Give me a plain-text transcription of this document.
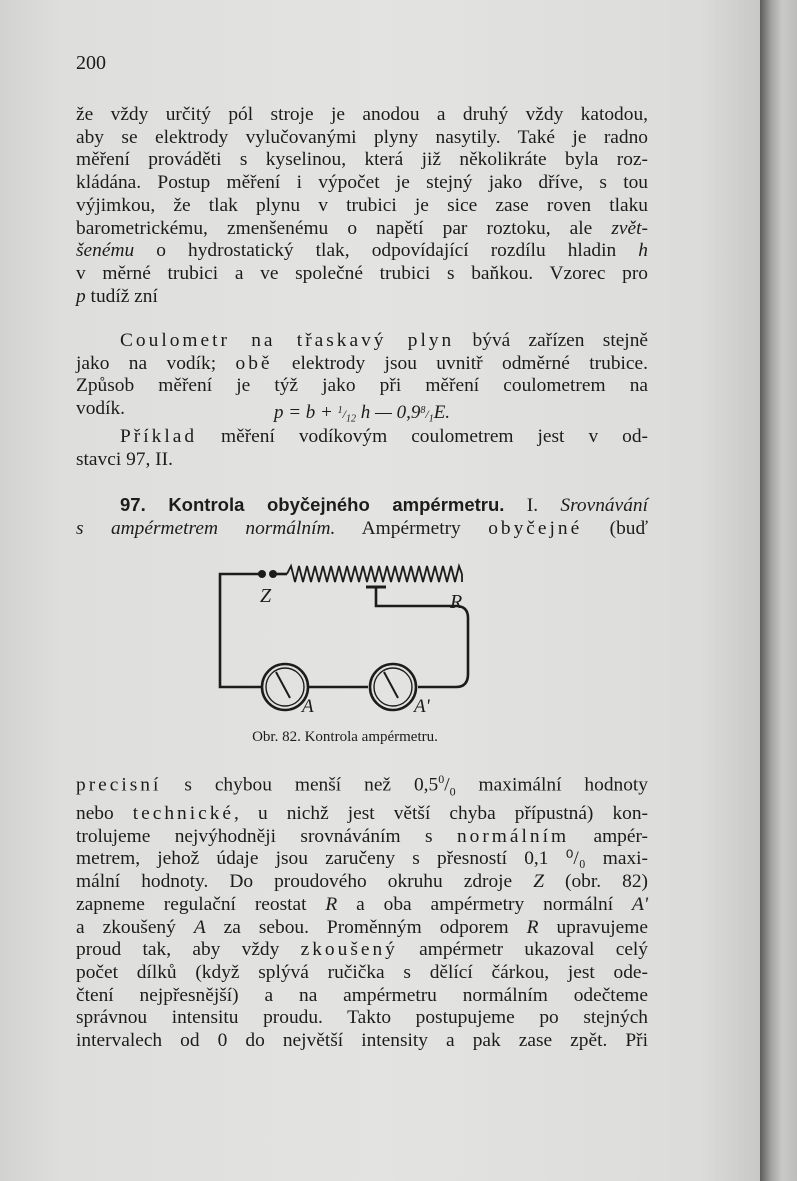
200

že vždy určitý pól stroje je anodou a druhý vždy katodou,

aby se elektrody vylučovanými plyny nasytily. Také je radno

měření prováděti s kyselinou, která již několikráte byla roz-

kládána. Postup měření i výpočet je stejný jako dříve, s tou

výjimkou, že tlak plynu v trubici je sice zase roven tlaku

barometrickému, zmenšenému o napětí par roztoku, ale zvět-

šenému o hydrostatický tlak, odpovídající rozdílu hladin h

v měrné trubici a ve společné trubici s baňkou. Vzorec pro

p tudíž zní

$p = b + ^1/_{12}$ h — $0,9^8/_1E$.

Coulometr na třaskavý plyn bývá zařízen stejně

jako na vodík; obě elektrody jsou uvnitř odměrné trubice.

Způsob měření je týž jako při měření coulometrem na

vodík.

Příklad měření vodíkovým coulometrem jest v od-

stavci 97, II.

97. Kontrola obyčejného ampérmetru. I. Srovnávání

s ampérmetrem normálním. Ampérmetry obyčejné (buď

Z	R
A	A'
Obr. 82. Kontrola ampérmetru.

precisní s chybou menší než $0,5^0/_0$ maximální hodnoty

nebo technické, u nichž jest větší chyba přípustná) kon-

trolujeme nejvýhodněji srovnáváním s normálním ampér-

metrem, jehož údaje jsou zaručeny s přesností 0,1 ⁰/₀ maxi-

mální hodnoty. Do proudového okruhu zdroje Z (obr. 82)

zapneme regulační reostat R a oba ampérmetry normální A'

a zkoušený A za sebou. Proměnným odporem R upravujeme

proud tak, aby vždy zkoušený ampérmetr ukazoval celý

počet dílků (když splývá ručička s dělící čárkou, jest ode-

čtení nejpřesnější) a na ampérmetru normálním odečteme

správnou intensitu proudu. Takto postupujeme po stejných

intervalech od 0 do největší intensity a pak zase zpět. Při
